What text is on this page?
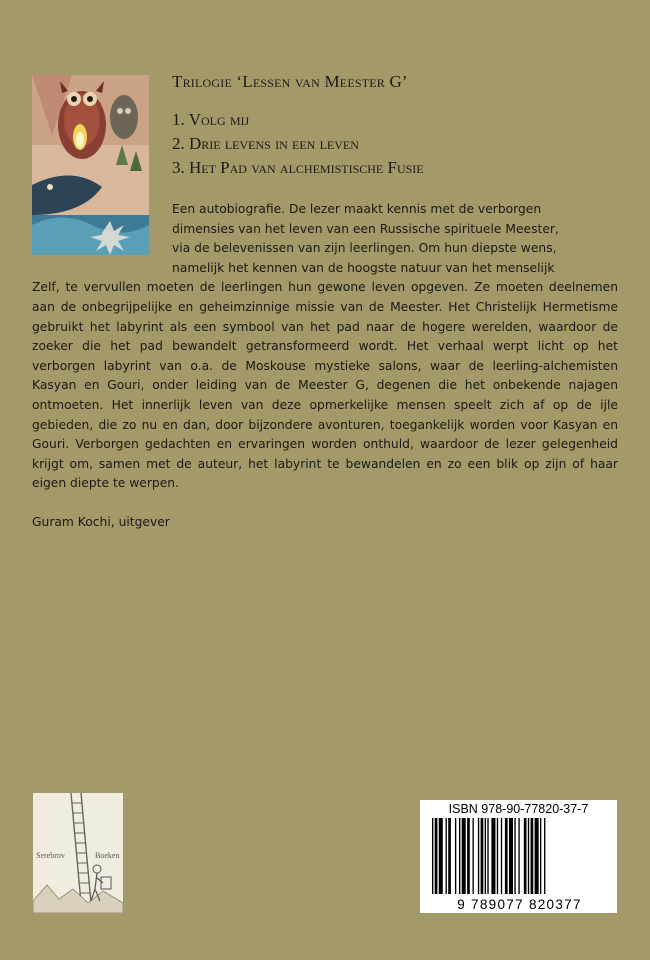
Trilogie ‘Lessen van Meester G’
1. Volg mij
2. Drie levens in een leven
3. Het Pad van alchemistische Fusie
Een autobiografie. De lezer maakt kennis met de verborgen
dimensies van het leven van een Russische spirituele Meester,
via de belevenissen van zijn leerlingen. Om hun diepste wens,
namelijk het kennen van de hoogste natuur van het menselijk
Zelf, te vervullen moeten de leerlingen hun gewone leven opgeven. Ze moeten deelnemen aan de onbegrijpelijke en geheimzinnige missie van de Meester. Het Christelijk Hermetisme gebruikt het labyrint als een symbool van het pad naar de hogere werelden, waardoor de zoeker die het pad bewandelt getransformeerd wordt. Het verhaal werpt licht op het verborgen labyrint van o.a. de Moskouse mystieke salons, waar de leerling-alchemisten Kasyan en Gouri, onder leiding van de Meester G, degenen die het onbekende najagen ontmoeten. Het innerlijk leven van deze opmerkelijke mensen speelt zich af op de ijle gebieden, die zo nu en dan, door bijzondere avonturen, toegankelijk worden voor Kasyan en Gouri. Verborgen gedachten en ervaringen worden onthuld, waardoor de lezer gelegenheid krijgt om, samen met de auteur, het labyrint te bewandelen en zo een blik op zijn of haar eigen diepte te werpen.
Guram Kochi, uitgever
Serebrov	Boeken
ISBN 978-90-77820-37-7
9 789077 820377
